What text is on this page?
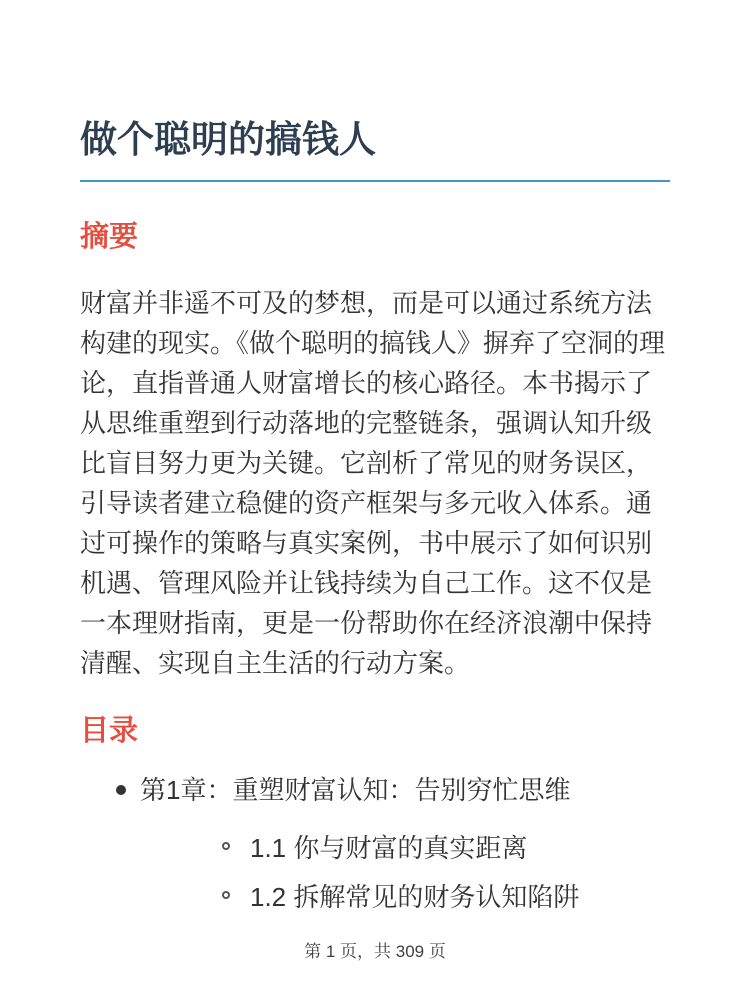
做个聪明的搞钱人
摘要

财富并非遥不可及的梦想，而是可以通过系统方法构建的现实。《做个聪明的搞钱人》摒弃了空洞的理论，直指普通人财富增长的核心路径。本书揭示了从思维重塑到行动落地的完整链条，强调认知升级比盲目努力更为关键。它剖析了常见的财务误区，引导读者建立稳健的资产框架与多元收入体系。通过可操作的策略与真实案例，书中展示了如何识别机遇、管理风险并让钱持续为自己工作。这不仅是一本理财指南，更是一份帮助你在经济浪潮中保持清醒、实现自主生活的行动方案。

目录
第1章：重塑财富认知：告别穷忙思维
1.1 你与财富的真实距离
1.2 拆解常见的财务认知陷阱
第 1 页，共 309 页
